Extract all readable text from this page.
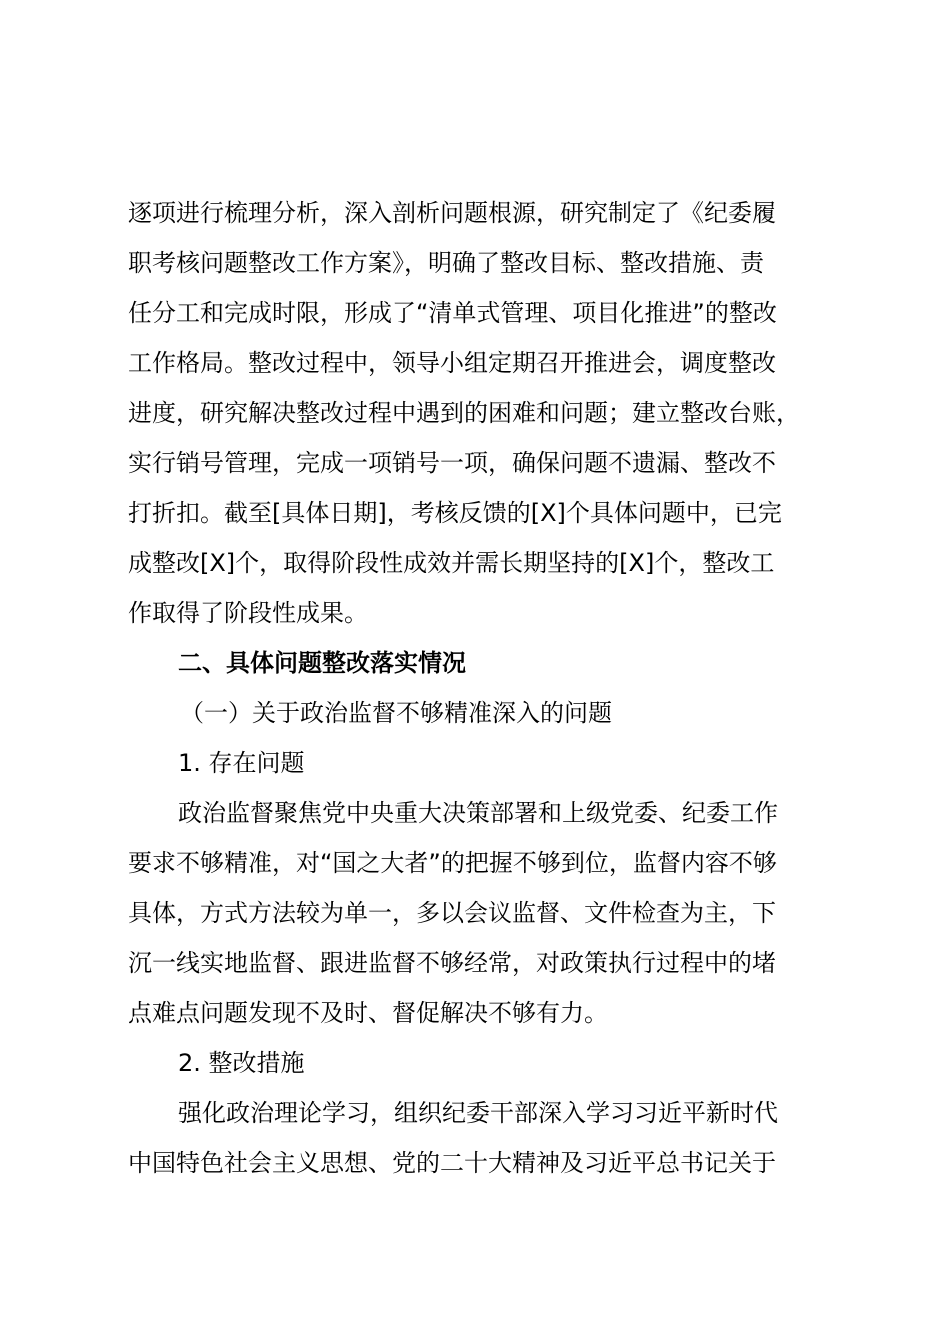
逐项进行梳理分析，深入剖析问题根源，研究制定了《纪委履
职考核问题整改工作方案》，明确了整改目标、整改措施、责
任分工和完成时限，形成了“清单式管理、项目化推进”的整改
工作格局。整改过程中，领导小组定期召开推进会，调度整改
进度，研究解决整改过程中遇到的困难和问题；建立整改台账，
实行销号管理，完成一项销号一项，确保问题不遗漏、整改不
打折扣。截至[具体日期]，考核反馈的[X]个具体问题中，已完
成整改[X]个，取得阶段性成效并需长期坚持的[X]个，整改工
作取得了阶段性成果。
二、具体问题整改落实情况
（一）关于政治监督不够精准深入的问题
1. 存在问题
政治监督聚焦党中央重大决策部署和上级党委、纪委工作
要求不够精准，对“国之大者”的把握不够到位，监督内容不够
具体，方式方法较为单一，多以会议监督、文件检查为主，下
沉一线实地监督、跟进监督不够经常，对政策执行过程中的堵
点难点问题发现不及时、督促解决不够有力。
2. 整改措施
强化政治理论学习，组织纪委干部深入学习习近平新时代
中国特色社会主义思想、党的二十大精神及习近平总书记关于
